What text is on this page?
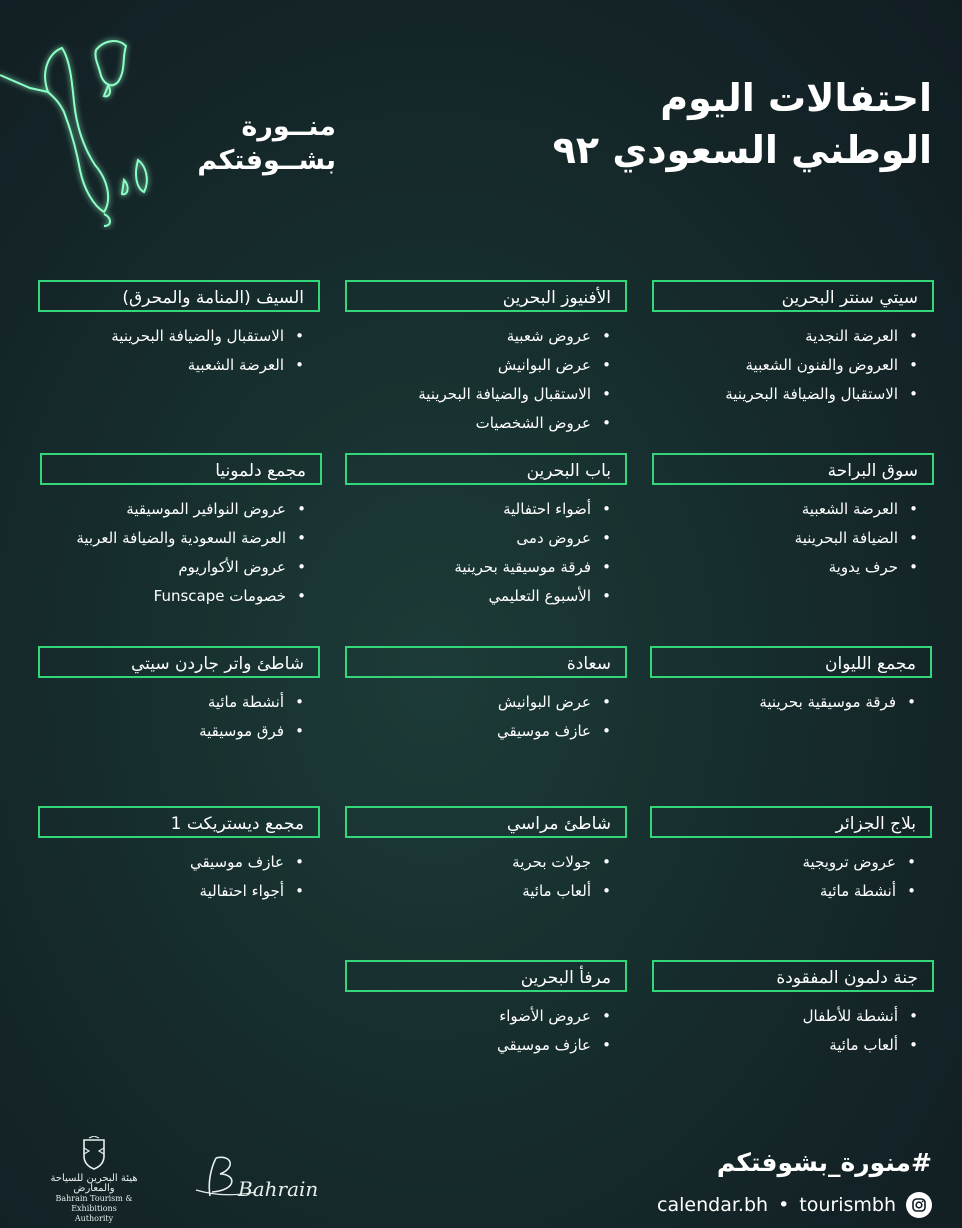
منــورة
بشــوفتكم
احتفالات اليوم
الوطني السعودي ٩٢
سيتي سنتر البحرين
• العرضة النجدية
• العروض والفنون الشعبية
• الاستقبال والضيافة البحرينية
الأفنيوز البحرين
• عروض شعبية
• عرض البوانيش
• الاستقبال والضيافة البحرينية
• عروض الشخصيات
السيف (المنامة والمحرق)
• الاستقبال والضيافة البحرينية
• العرضة الشعبية
سوق البراحة
• العرضة الشعبية
• الضيافة البحرينية
• حرف يدوية
باب البحرين
• أضواء احتفالية
• عروض دمى
• فرقة موسيقية بحرينية
• الأسبوع التعليمي
مجمع دلمونيا
• عروض النوافير الموسيقية
• العرضة السعودية والضيافة العربية
• عروض الأكواريوم
• خصومات Funscape
مجمع الليوان
• فرقة موسيقية بحرينية
سعادة
• عرض البوانيش
• عازف موسيقي
شاطئ واتر جاردن سيتي
• أنشطة مائية
• فرق موسيقية
بلاج الجزائر
• عروض ترويجية
• أنشطة مائية
شاطئ مراسي
• جولات بحرية
• ألعاب مائية
مجمع ديستريكت 1
• عازف موسيقي
• أجواء احتفالية
جنة دلمون المفقودة
• أنشطة للأطفال
• ألعاب مائية
مرفأ البحرين
• عروض الأضواء
• عازف موسيقي
#منورة_بشوفتكم
calendar.bh • tourismbh
هيئة البحرين للسياحة والمعارض
Bahrain Tourism & Exhibitions
Authority
Bahrain
